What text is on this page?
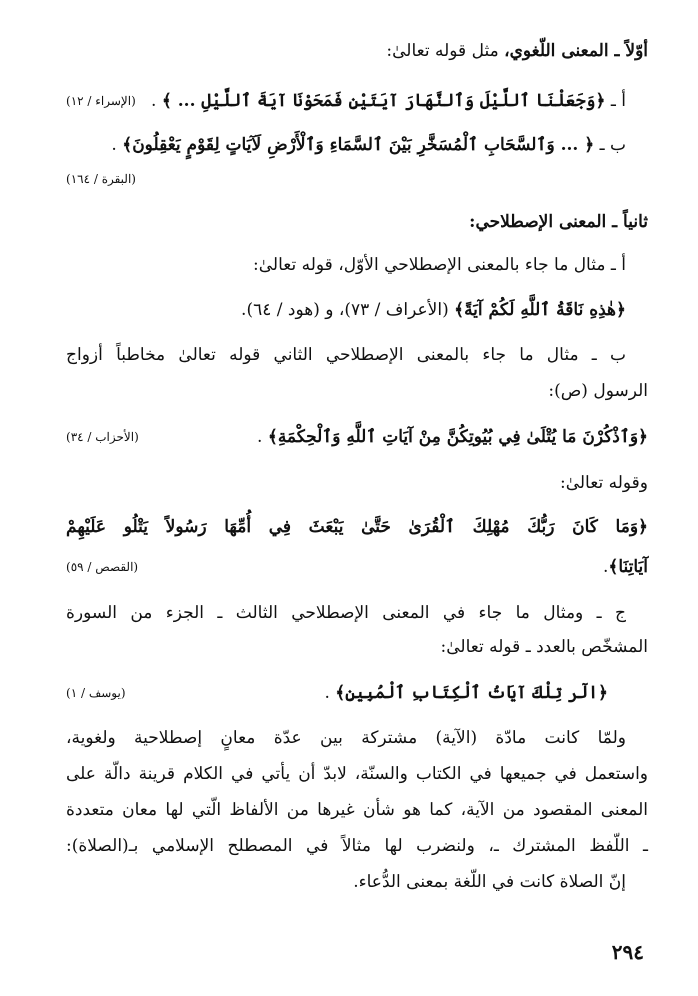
أوّلاً ـ المعنى اللّغوي، مثل قوله تعالىٰ:
أ ـ ﴿وَجَعَلْنَا ٱللَّيْلَ وَٱلنَّهَارَ آيَتَيْنِ فَمَحَوْنَا آيَةَ ٱللَّيْلِ ... ﴾ .
(الإسراء / ١٢)
ب ـ ﴿ ... وَٱلسَّحَابِ ٱلْمُسَخَّرِ بَيْنَ ٱلسَّمَاءِ وَٱلْأَرْضِ لَآيَاتٍ لِقَوْمٍ يَعْقِلُونَ﴾ .
(البقرة / ١٦٤)
ثانياً ـ المعنى الإصطلاحي:
أ ـ مثال ما جاء بالمعنى الإصطلاحي الأوّل، قوله تعالىٰ:
﴿هٰذِهِ نَاقَةُ ٱللَّهِ لَكُمْ آيَةً﴾ (الأعراف / ٧٣)، و (هود / ٦٤).
ب ـ مثال ما جاء بالمعنى الإصطلاحي الثاني قوله تعالىٰ مخاطباً أزواج
الرسول (ص):
﴿وَٱذْكُرْنَ مَا يُتْلَىٰ فِي بُيُوتِكُنَّ مِنْ آيَاتِ ٱللَّهِ وَٱلْحِكْمَةِ﴾ .
(الأحزاب / ٣٤)
وقوله تعالىٰ:
﴿وَمَا كَانَ رَبُّكَ مُهْلِكَ ٱلْقُرَىٰ حَتَّىٰ يَبْعَثَ فِي أُمِّهَا رَسُولاً يَتْلُو عَلَيْهِمْ
آيَاتِنَا﴾.
(القصص / ٥٩)
ج ـ ومثال ما جاء في المعنى الإصطلاحي الثالث ـ الجزء من السورة
المشخّص بالعدد ـ قوله تعالىٰ:
﴿الٓر تِلْكَ آيَاتُ ٱلْكِتَابِ ٱلْمُبِينِ﴾ .
(يوسف / ١)
ولمّا كانت مادّة (الآية) مشتركة بين عدّة معانٍ إصطلاحية ولغوية،
واستعمل في جميعها في الكتاب والسنّة، لابدّ أن يأتي في الكلام قرينة دالّة على
المعنى المقصود من الآية، كما هو شأن غيرها من الألفاظ الّتي لها معان متعددة
ـ اللّفظ المشترك ـ، ولنضرب لها مثالاً في المصطلح الإسلامي بـ(الصلاة):
إنّ الصلاة كانت في اللّغة بمعنى الدُّعاء.
٢٩٤
